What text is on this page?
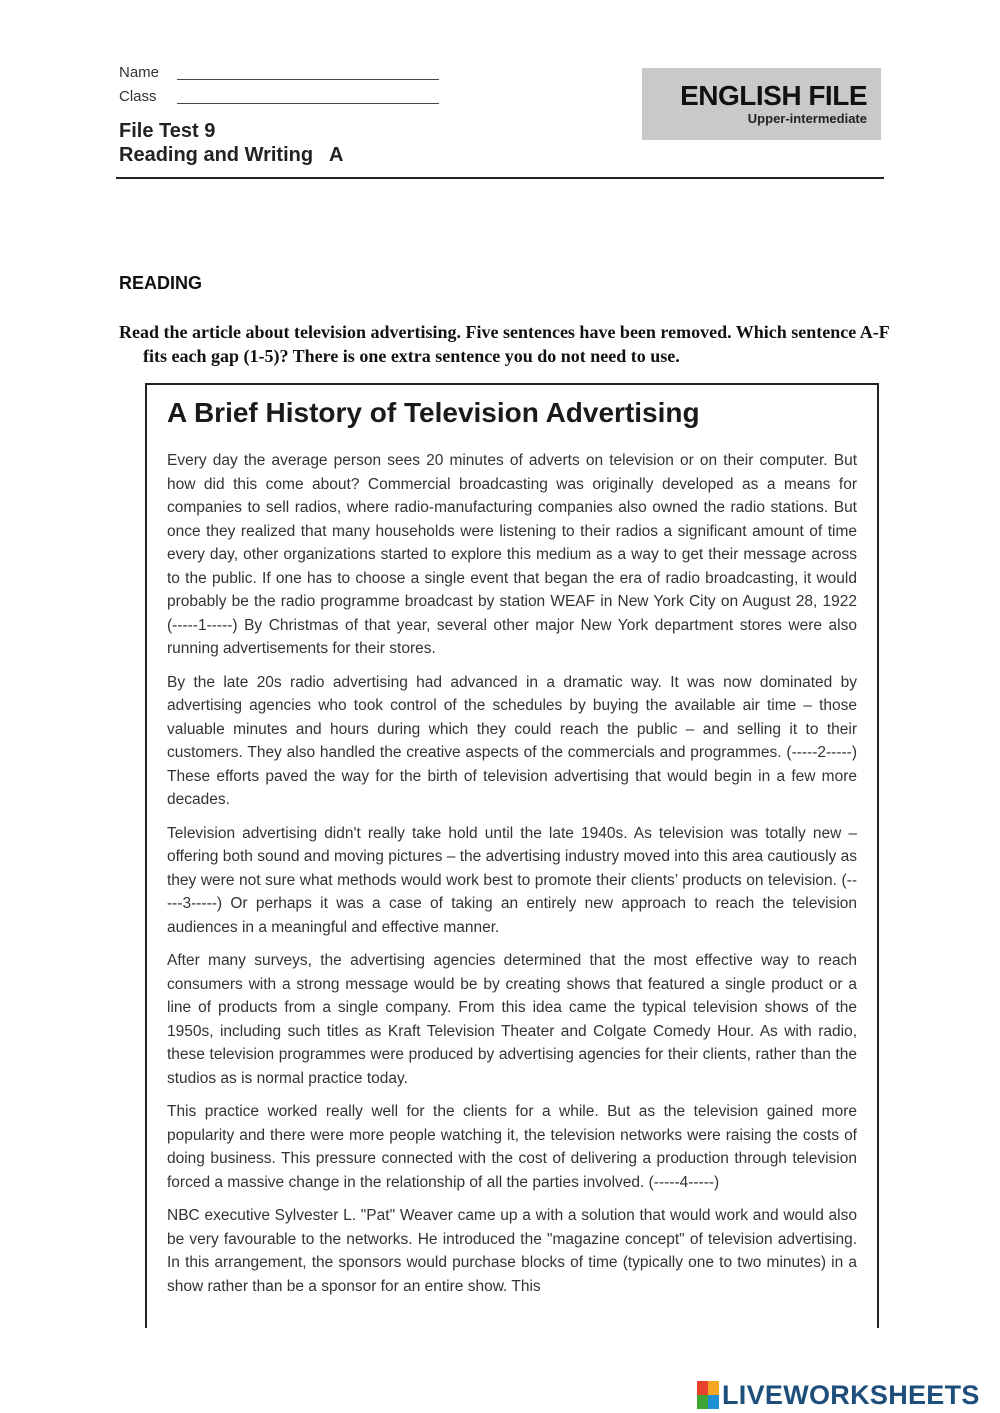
Name
Class
File Test 9
Reading and Writing   A
ENGLISH FILE
Upper-intermediate
READING
Read the article about television advertising. Five sentences have been removed. Which sentence A-F fits each gap (1-5)? There is one extra sentence you do not need to use.
A Brief History of Television Advertising

Every day the average person sees 20 minutes of adverts on television or on their computer. But how did this come about? Commercial broadcasting was originally developed as a means for companies to sell radios, where radio-manufacturing companies also owned the radio stations. But once they realized that many households were listening to their radios a significant amount of time every day, other organizations started to explore this medium as a way to get their message across to the public. If one has to choose a single event that began the era of radio broadcasting, it would probably be the radio programme broadcast by station WEAF in New York City on August 28, 1922 (-----1-----) By Christmas of that year, several other major New York department stores were also running advertisements for their stores.

By the late 20s radio advertising had advanced in a dramatic way. It was now dominated by advertising agencies who took control of the schedules by buying the available air time – those valuable minutes and hours during which they could reach the public – and selling it to their customers. They also handled the creative aspects of the commercials and programmes. (-----2-----) These efforts paved the way for the birth of television advertising that would begin in a few more decades.

Television advertising didn't really take hold until the late 1940s. As television was totally new – offering both sound and moving pictures – the advertising industry moved into this area cautiously as they were not sure what methods would work best to promote their clients’ products on television. (-----3-----) Or perhaps it was a case of taking an entirely new approach to reach the television audiences in a meaningful and effective manner.

After many surveys, the advertising agencies determined that the most effective way to reach consumers with a strong message would be by creating shows that featured a single product or a line of products from a single company. From this idea came the typical television shows of the 1950s, including such titles as Kraft Television Theater and Colgate Comedy Hour. As with radio, these television programmes were produced by advertising agencies for their clients, rather than the studios as is normal practice today.

This practice worked really well for the clients for a while. But as the television gained more popularity and there were more people watching it, the television networks were raising the costs of doing business. This pressure connected with the cost of delivering a production through television forced a massive change in the relationship of all the parties involved. (-----4-----)

NBC executive Sylvester L. "Pat" Weaver came up a with a solution that would work and would also be very favourable to the networks. He introduced the "magazine concept" of television advertising. In this arrangement, the sponsors would purchase blocks of time (typically one to two minutes) in a show rather than be a sponsor for an entire show. This

LIVEWORKSHEETS
